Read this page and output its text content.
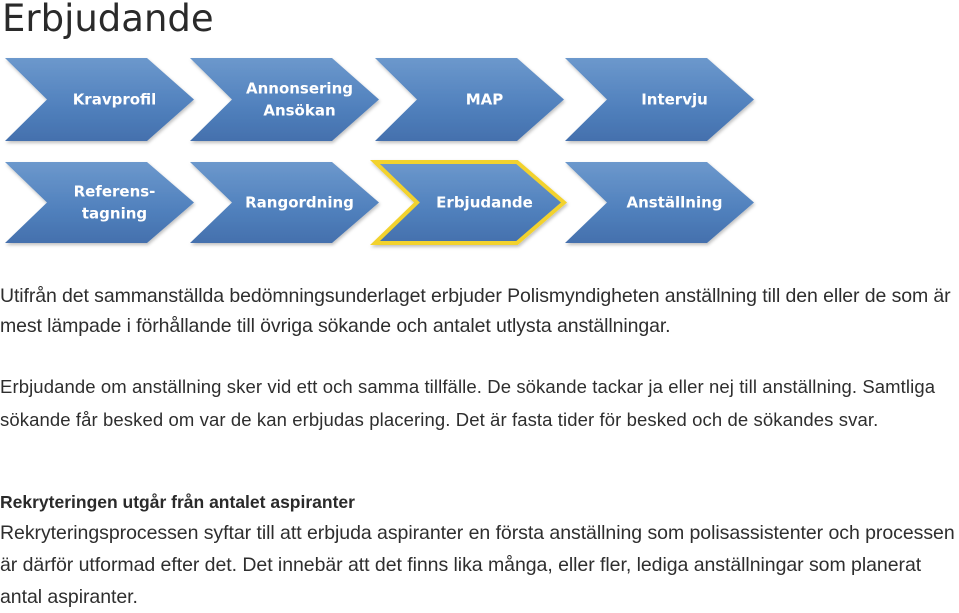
Erbjudande
Kravprofil
Annonsering
Ansökan
MAP	Intervju
Referens-
tagning
Rangordning	Erbjudande	Anställning

Utifrån det sammanställda bedömningsunderlaget erbjuder Polismyndigheten anställning till den eller de som är mest lämpade i förhållande till övriga sökande och antalet utlysta anställningar.

Erbjudande om anställning sker vid ett och samma tillfälle. De sökande tackar ja eller nej till anställning. Samtliga sökande får besked om var de kan erbjudas placering. Det är fasta tider för besked och de sökandes svar.

Rekryteringen utgår från antalet aspiranter

Rekryteringsprocessen syftar till att erbjuda aspiranter en första anställning som polisassistenter och processen är därför utformad efter det. Det innebär att det finns lika många, eller fler, lediga anställningar som planerat antal aspiranter.
